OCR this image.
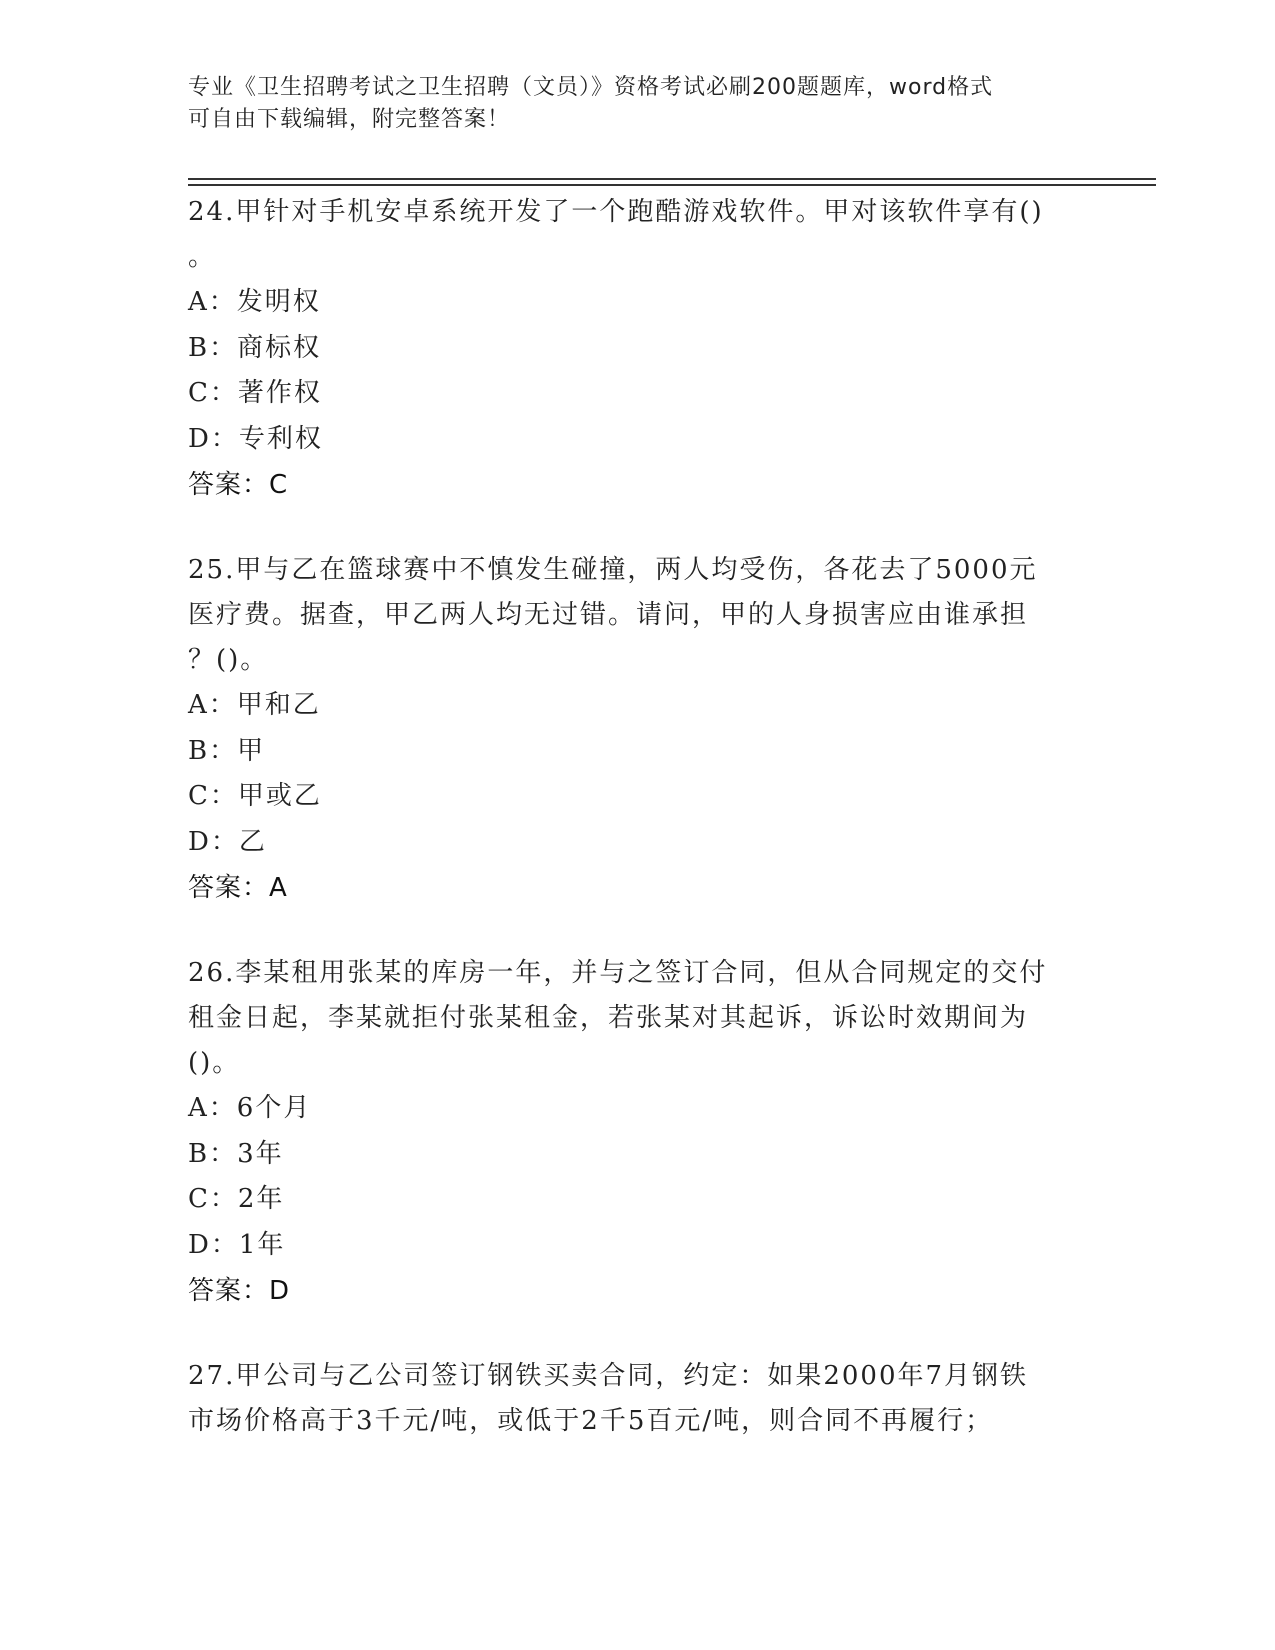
专业《卫生招聘考试之卫生招聘（文员）》资格考试必刷200题题库，word格式

可自由下载编辑，附完整答案！

24.甲针对手机安卓系统开发了一个跑酷游戏软件。甲对该软件享有()

。

A：发明权

B：商标权

C：著作权

D：专利权

答案：C

25.甲与乙在篮球赛中不慎发生碰撞，两人均受伤，各花去了5000元

医疗费。据查，甲乙两人均无过错。请问，甲的人身损害应由谁承担

？()。

A：甲和乙

B：甲

C：甲或乙

D：乙

答案：A

26.李某租用张某的库房一年，并与之签订合同，但从合同规定的交付

租金日起，李某就拒付张某租金，若张某对其起诉，诉讼时效期间为

()。

A：6个月

B：3年

C：2年

D：1年

答案：D

27.甲公司与乙公司签订钢铁买卖合同，约定：如果2000年7月钢铁

市场价格高于3千元/吨，或低于2千5百元/吨，则合同不再履行；
